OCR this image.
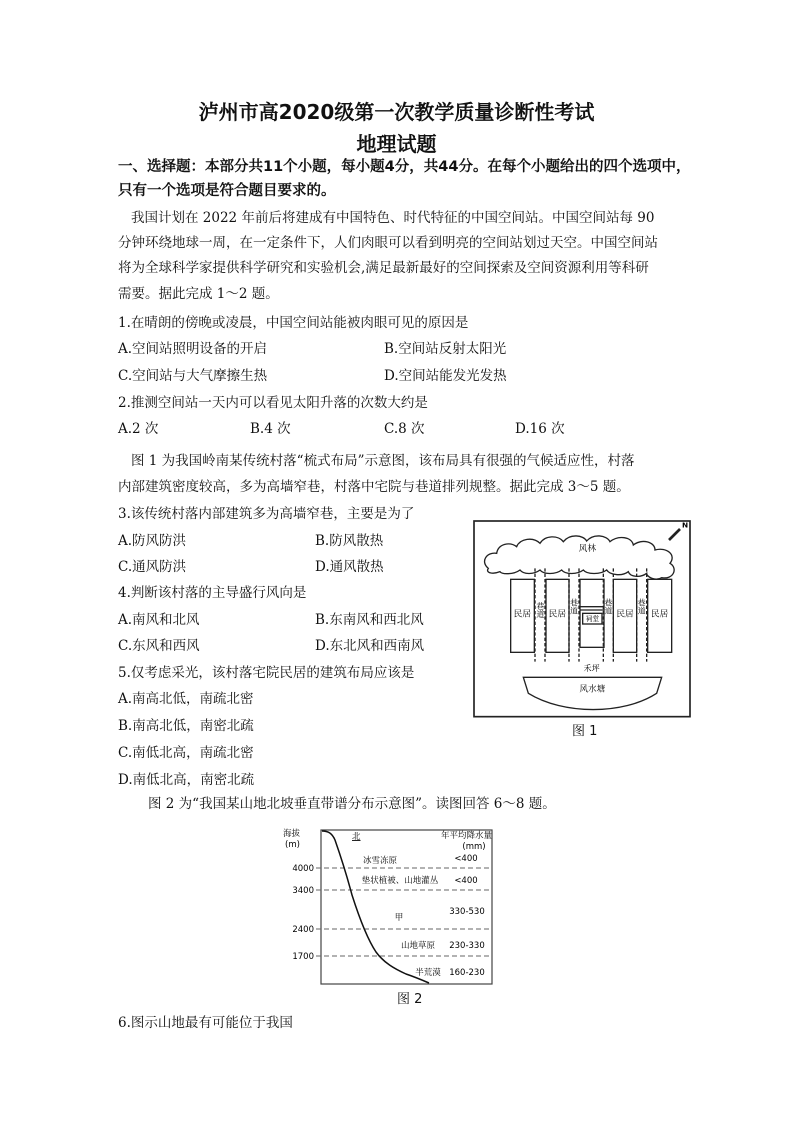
泸州市高2020级第一次教学质量诊断性考试
地理试题
一、选择题：本部分共11个小题，每小题4分，共44分。在每个小题给出的四个选项中，
只有一个选项是符合题目要求的。
我国计划在 2022 年前后将建成有中国特色、时代特征的中国空间站。中国空间站每 90
分钟环绕地球一周，在一定条件下，人们肉眼可以看到明亮的空间站划过天空。中国空间站
将为全球科学家提供科学研究和实验机会,满足最新最好的空间探索及空间资源利用等科研
需要。据此完成 1～2 题。
1.在晴朗的傍晚或凌晨，中国空间站能被肉眼可见的原因是
A.空间站照明设备的开启	B.空间站反射太阳光
C.空间站与大气摩擦生热	D.空间站能发光发热
2.推测空间站一天内可以看见太阳升落的次数大约是
A.2 次	B.4 次	C.8 次	D.16 次
图 1 为我国岭南某传统村落“梳式布局”示意图，该布局具有很强的气候适应性，村落
内部建筑密度较高，多为高墙窄巷，村落中宅院与巷道排列规整。据此完成 3～5 题。
3.该传统村落内部建筑多为高墙窄巷，主要是为了
A.防风防洪	B.防风散热
C.通风防洪	D.通风散热
4.判断该村落的主导盛行风向是
A.南风和北风	B.东南风和西北风
C.东风和西风	D.东北风和西南风
5.仅考虑采光，该村落宅院民居的建筑布局应该是
A.南高北低，南疏北密
B.南高北低，南密北疏
C.南低北高，南疏北密
D.南低北高，南密北疏
N
风林
民居 民居 民居 民居
祠堂
巷道 巷道 巷道 巷道
禾坪
风水塘
图 1
图 2 为“我国某山地北坡垂直带谱分布示意图”。读图回答 6～8 题。
海拔
(m)
4000
3400
2400
1700
北	年平均降水量
(mm)
冰雪冻原
垫状植被、山地灌丛
甲
山地草原
半荒漠
<400
<400
330-530
230-330
160-230
图 2
6.图示山地最有可能位于我国
